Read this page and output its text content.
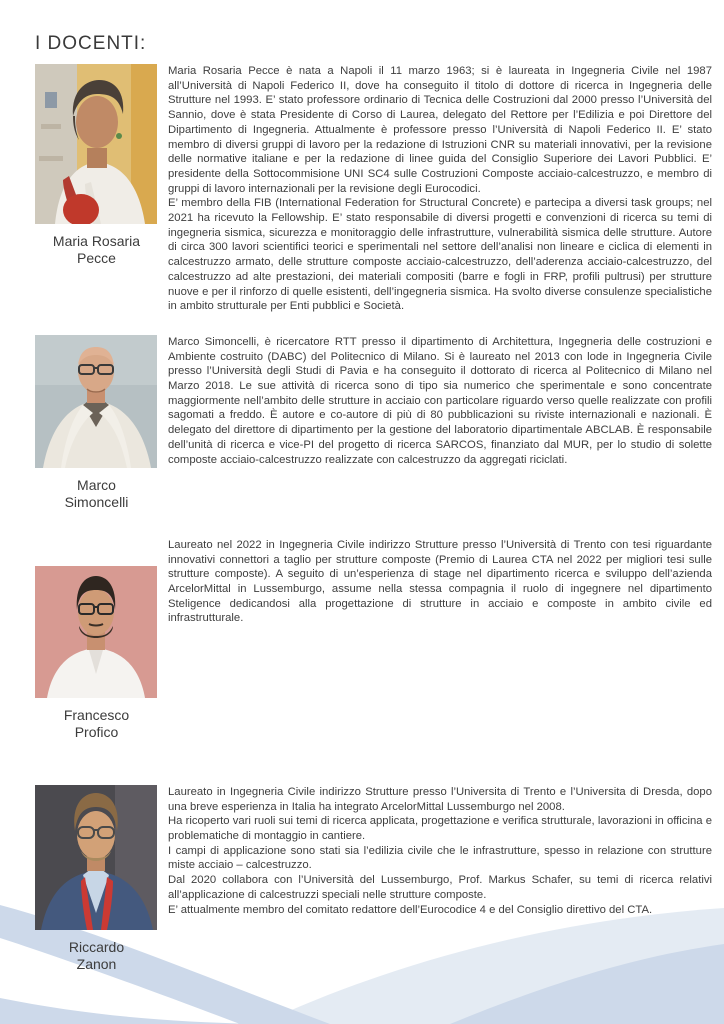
I DOCENTI:
Maria Rosaria
Pecce

Maria Rosaria Pecce è nata a Napoli il 11 marzo 1963; si è laureata in Ingegneria Civile nel 1987 all’Università di Napoli Federico II, dove ha conseguito il titolo di dottore di ricerca in Ingegneria delle Strutture nel 1993. E’ stato professore ordinario di Tecnica delle Costruzioni dal 2000 presso l’Università del Sannio, dove è stata Presidente di Corso di Laurea, delegato del Rettore per l’Edilizia e poi Direttore del Dipartimento di Ingegneria. Attualmente è professore presso l’Università di Napoli Federico II. E’ stato membro di diversi gruppi di lavoro per la redazione di Istruzioni CNR su materiali innovativi, per la revisione delle normative italiane e per la redazione di linee guida del Consiglio Superiore dei Lavori Pubblici. E’ presidente della Sottocommisione UNI SC4 sulle Costruzioni Composte acciaio-calcestruzzo, e membro di gruppi di lavoro internazionali per la revisione degli Eurocodici.

E’ membro della FIB (International Federation for Structural Concrete) e partecipa a diversi task groups; nel 2021 ha ricevuto la Fellowship. E’ stato responsabile di diversi progetti e convenzioni di ricerca su temi di ingegneria sismica, sicurezza e monitoraggio delle infrastrutture, vulnerabilità sismica delle strutture. Autore di circa 300 lavori scientifici teorici e sperimentali nel settore dell’analisi non lineare e ciclica di elementi in calcestruzzo armato, delle strutture composte acciaio-calcestruzzo, dell’aderenza acciaio-calcestruzzo, del calcestruzzo ad alte prestazioni, dei materiali compositi (barre e fogli in FRP, profili pultrusi) per strutture nuove e per il rinforzo di quelle esistenti, dell’ingegneria sismica. Ha svolto diverse consulenze specialistiche in ambito strutturale per Enti pubblici e Società.

Marco
Simoncelli

Marco Simoncelli, è ricercatore RTT presso il dipartimento di Architettura, Ingegneria delle costruzioni e Ambiente costruito (DABC) del Politecnico di Milano. Si è laureato nel 2013 con lode in Ingegneria Civile presso l’Università degli Studi di Pavia e ha conseguito il dottorato di ricerca al Politecnico di Milano nel Marzo 2018. Le sue attività di ricerca sono di tipo sia numerico che sperimentale e sono concentrate maggiormente nell’ambito delle strutture in acciaio con particolare riguardo verso quelle realizzate con profili sagomati a freddo. È autore e co-autore di più di 80 pubblicazioni su riviste internazionali e nazionali. È delegato del direttore di dipartimento per la gestione del laboratorio dipartimentale ABCLAB. È responsabile dell’unità di ricerca e vice-PI del progetto di ricerca SARCOS, finanziato dal MUR, per lo studio di solette composte acciaio-calcestruzzo realizzate con calcestruzzo da aggregati riciclati.

Francesco
Profico

Laureato nel 2022 in Ingegneria Civile indirizzo Strutture presso l’Università di Trento con tesi riguardante innovativi connettori a taglio per strutture composte (Premio di Laurea CTA nel 2022 per migliori tesi sulle strutture composte). A seguito di un’esperienza di stage nel dipartimento ricerca e sviluppo dell’azienda ArcelorMittal in Lussemburgo, assume nella stessa compagnia il ruolo di ingegnere nel dipartimento Steligence dedicandosi alla progettazione di strutture in acciaio e composte in ambito civile ed infrastrutturale.

Riccardo
Zanon

Laureato in Ingegneria Civile indirizzo Strutture presso l’Universita di Trento e l’Universita di Dresda, dopo una breve esperienza in Italia ha integrato ArcelorMittal Lussemburgo nel 2008.

Ha ricoperto vari ruoli sui temi di ricerca applicata, progettazione e verifica strutturale, lavorazioni in officina e problematiche di montaggio in cantiere.

I campi di applicazione sono stati sia l’edilizia civile che le infrastrutture, spesso in relazione con strutture miste acciaio – calcestruzzo.

Dal 2020 collabora con l’Università del Lussemburgo, Prof. Markus Schafer, su temi di ricerca relativi all’applicazione di calcestruzzi speciali nelle strutture composte.

E’ attualmente membro del comitato redattore dell’Eurocodice 4 e del Consiglio direttivo del CTA.
